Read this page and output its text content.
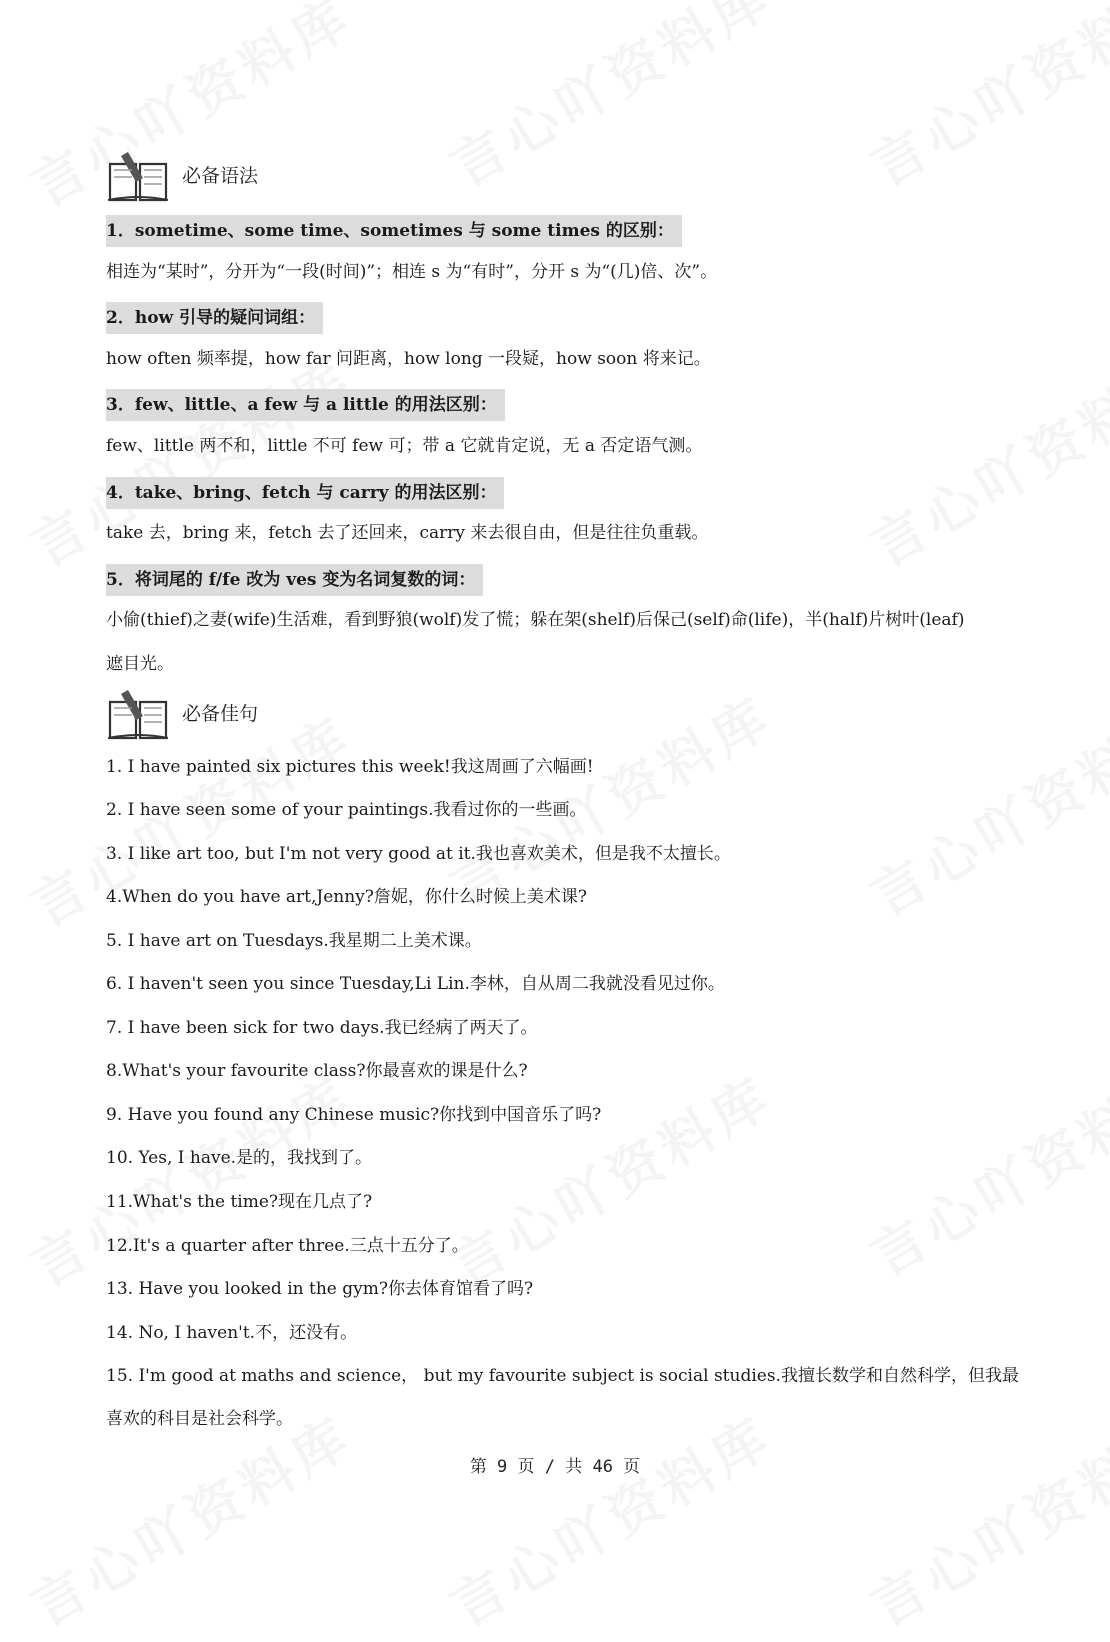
必备语法
1．sometime、some time、sometimes 与 some times 的区别：
相连为“某时”，分开为“一段(时间)”；相连 s 为“有时”，分开 s 为“(几)倍、次”。
2．how 引导的疑问词组：
how often 频率提，how far 问距离，how long 一段疑，how soon 将来记。
3．few、little、a few 与 a little 的用法区别：
few、little 两不和，little 不可 few 可；带 a 它就肯定说，无 a 否定语气测。
4．take、bring、fetch 与 carry 的用法区别：
take 去，bring 来，fetch 去了还回来，carry 来去很自由，但是往往负重载。
5．将词尾的 f/fe 改为 ves 变为名词复数的词：
小偷(thief)之妻(wife)生活难，看到野狼(wolf)发了慌；躲在架(shelf)后保己(self)命(life)，半(half)片树叶(leaf)
遮目光。
必备佳句
1. I have painted six pictures this week!我这周画了六幅画!
2. I have seen some of your paintings.我看过你的一些画。
3. I like art too, but I'm not very good at it.我也喜欢美术，但是我不太擅长。
4.When do you have art,Jenny?詹妮，你什么时候上美术课?
5. I have art on Tuesdays.我星期二上美术课。
6. I haven't seen you since Tuesday,Li Lin.李林，自从周二我就没看见过你。
7. I have been sick for two days.我已经病了两天了。
8.What's your favourite class?你最喜欢的课是什么?
9. Have you found any Chinese music?你找到中国音乐了吗?
10. Yes, I have.是的，我找到了。
11.What's the time?现在几点了?
12.It's a quarter after three.三点十五分了。
13. Have you looked in the gym?你去体育馆看了吗?
14. No, I haven't.不，还没有。
15. I'm good at maths and science， but my favourite subject is social studies.我擅长数学和自然科学，但我最
喜欢的科目是社会科学。
第 9 页 / 共 46 页
